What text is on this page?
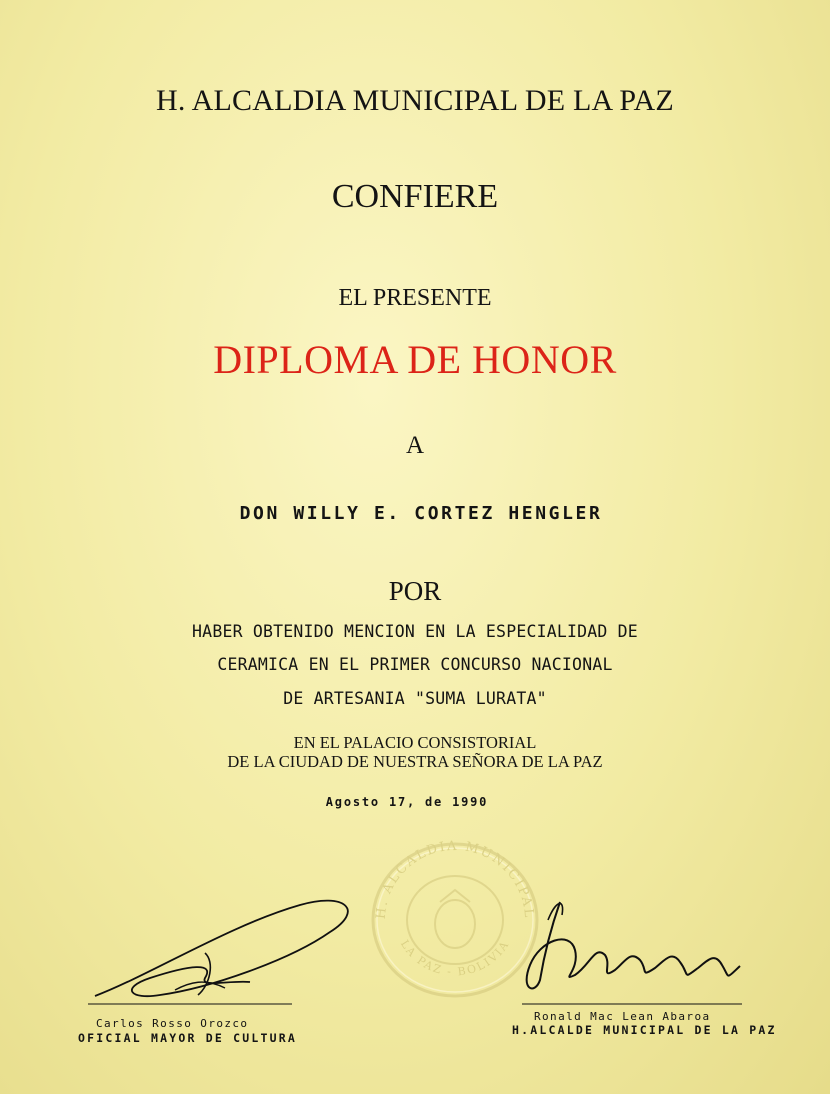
H. ALCALDIA MUNICIPAL DE LA PAZ
CONFIERE
EL PRESENTE
DIPLOMA DE HONOR
A
DON WILLY E. CORTEZ HENGLER
POR
HABER OBTENIDO MENCION EN LA ESPECIALIDAD DE
CERAMICA EN EL PRIMER CONCURSO NACIONAL
DE ARTESANIA "SUMA LURATA"
EN EL PALACIO CONSISTORIAL
DE LA CIUDAD DE NUESTRA SEÑORA DE LA PAZ
Agosto 17, de 1990
H. ALCALDIA MUNICIPAL
LA PAZ - BOLIVIA
Carlos Rosso Orozco
OFICIAL MAYOR DE CULTURA
Ronald Mac Lean Abaroa
H.ALCALDE MUNICIPAL DE LA PAZ
